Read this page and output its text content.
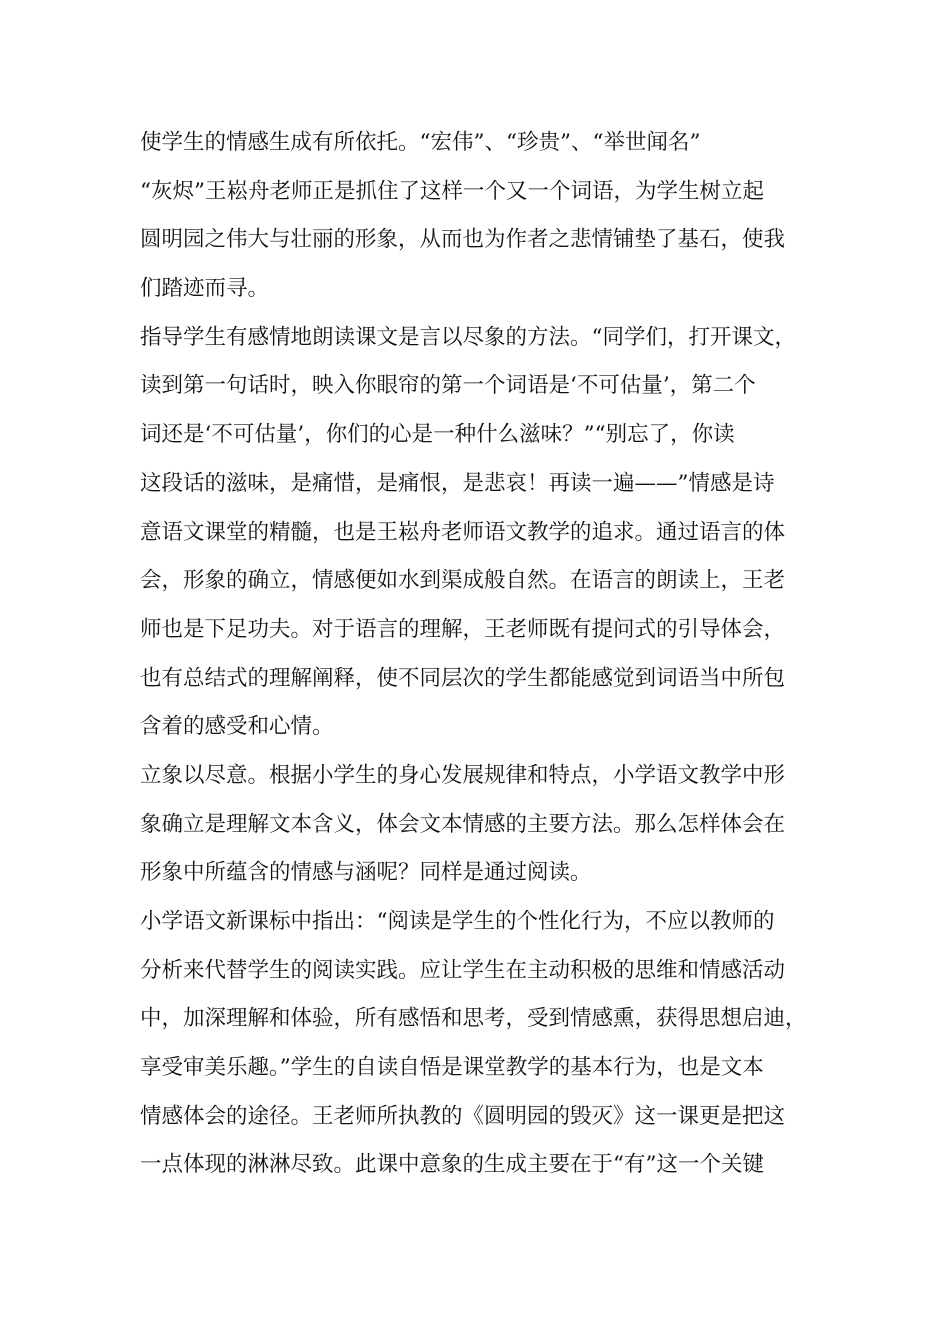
使学生的情感生成有所依托。“宏伟”、“珍贵”、“举世闻名”
“灰烬”王崧舟老师正是抓住了这样一个又一个词语，为学生树立起
圆明园之伟大与壮丽的形象，从而也为作者之悲情铺垫了基石，使我
们踏迹而寻。
指导学生有感情地朗读课文是言以尽象的方法。“同学们，打开课文，
读到第一句话时，映入你眼帘的第一个词语是‘不可估量’，第二个
词还是‘不可估量’，你们的心是一种什么滋味？”“别忘了，你读
这段话的滋味，是痛惜，是痛恨，是悲哀！再读一遍——”情感是诗
意语文课堂的精髓，也是王崧舟老师语文教学的追求。通过语言的体
会，形象的确立，情感便如水到渠成般自然。在语言的朗读上，王老
师也是下足功夫。对于语言的理解，王老师既有提问式的引导体会，
也有总结式的理解阐释，使不同层次的学生都能感觉到词语当中所包
含着的感受和心情。
立象以尽意。根据小学生的身心发展规律和特点，小学语文教学中形
象确立是理解文本含义，体会文本情感的主要方法。那么怎样体会在
形象中所蕴含的情感与涵呢？同样是通过阅读。
小学语文新课标中指出：“阅读是学生的个性化行为，不应以教师的
分析来代替学生的阅读实践。应让学生在主动积极的思维和情感活动
中，加深理解和体验，所有感悟和思考，受到情感熏，获得思想启迪，
享受审美乐趣。”学生的自读自悟是课堂教学的基本行为，也是文本
情感体会的途径。王老师所执教的《圆明园的毁灭》这一课更是把这
一点体现的淋淋尽致。此课中意象的生成主要在于“有”这一个关键
